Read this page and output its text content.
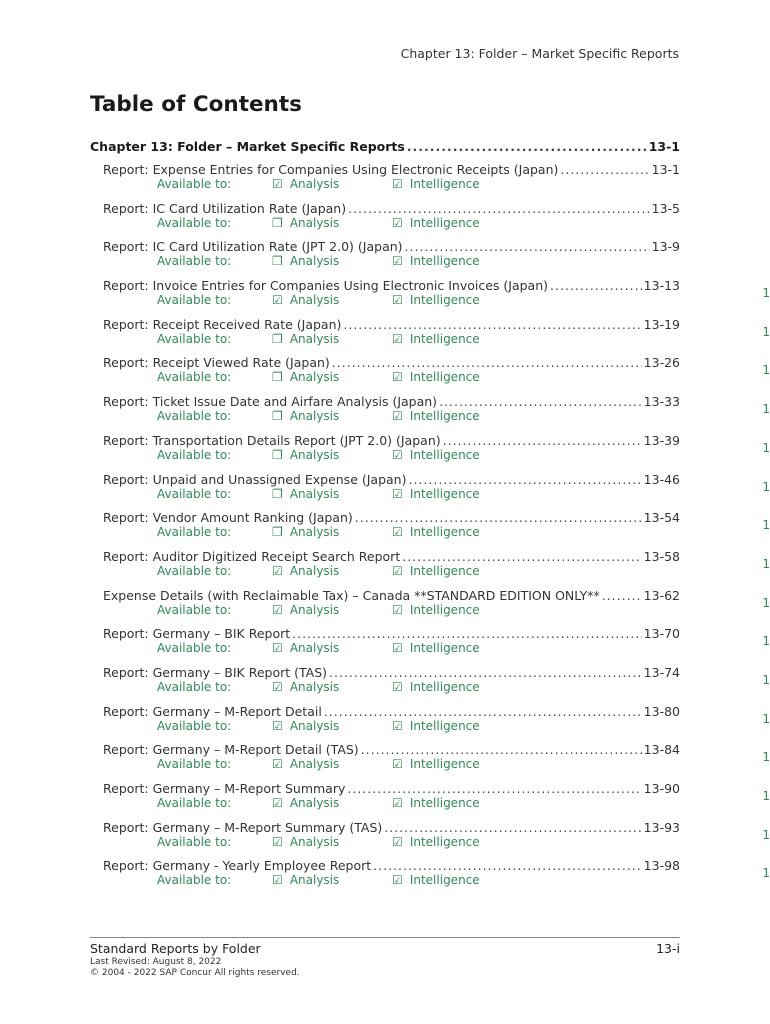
Chapter 13: Folder – Market Specific Reports
Table of Contents
Chapter 13: Folder – Market Specific Reports .....	13-1
Report: Expense Entries for Companies Using Electronic Receipts (Japan) .....	13-1
Available to:	☑ Analysis	☑ Intelligence
Report: IC Card Utilization Rate (Japan) .....	13-5
Available to:	❐ Analysis	☑ Intelligence
Report: IC Card Utilization Rate (JPT 2.0) (Japan) .....	13-9
Available to:	❐ Analysis	☑ Intelligence
Report: Invoice Entries for Companies Using Electronic Invoices (Japan) .....	13-13
Available to:	☑ Analysis	☑ Intelligence	1
Report: Receipt Received Rate (Japan) .....	13-19
Available to:	❐ Analysis	☑ Intelligence	1
Report: Receipt Viewed Rate (Japan) .....	13-26
Available to:	❐ Analysis	☑ Intelligence	1
Report: Ticket Issue Date and Airfare Analysis (Japan) .....	13-33
Available to:	❐ Analysis	☑ Intelligence	1
Report: Transportation Details Report (JPT 2.0) (Japan) .....	13-39
Available to:	❐ Analysis	☑ Intelligence	1
Report: Unpaid and Unassigned Expense (Japan) .....	13-46
Available to:	❐ Analysis	☑ Intelligence	1
Report: Vendor Amount Ranking (Japan) .....	13-54
Available to:	❐ Analysis	☑ Intelligence	1
Report: Auditor Digitized Receipt Search Report .....	13-58
Available to:	☑ Analysis	☑ Intelligence	1
Expense Details (with Reclaimable Tax) – Canada **STANDARD EDITION ONLY** .....	13-62
Available to:	☑ Analysis	☑ Intelligence	1
Report: Germany – BIK Report .....	13-70
Available to:	☑ Analysis	☑ Intelligence	1
Report: Germany – BIK Report (TAS) .....	13-74
Available to:	☑ Analysis	☑ Intelligence	1
Report: Germany – M-Report Detail .....	13-80
Available to:	☑ Analysis	☑ Intelligence	1
Report: Germany – M-Report Detail (TAS) .....	13-84
Available to:	☑ Analysis	☑ Intelligence	1
Report: Germany – M-Report Summary .....	13-90
Available to:	☑ Analysis	☑ Intelligence	1
Report: Germany – M-Report Summary (TAS) .....	13-93
Available to:	☑ Analysis	☑ Intelligence	1
Report: Germany - Yearly Employee Report .....	13-98
Available to:	☑ Analysis	☑ Intelligence	1
Standard Reports by Folder	13-i
Last Revised: August 8, 2022
© 2004 - 2022 SAP Concur All rights reserved.
